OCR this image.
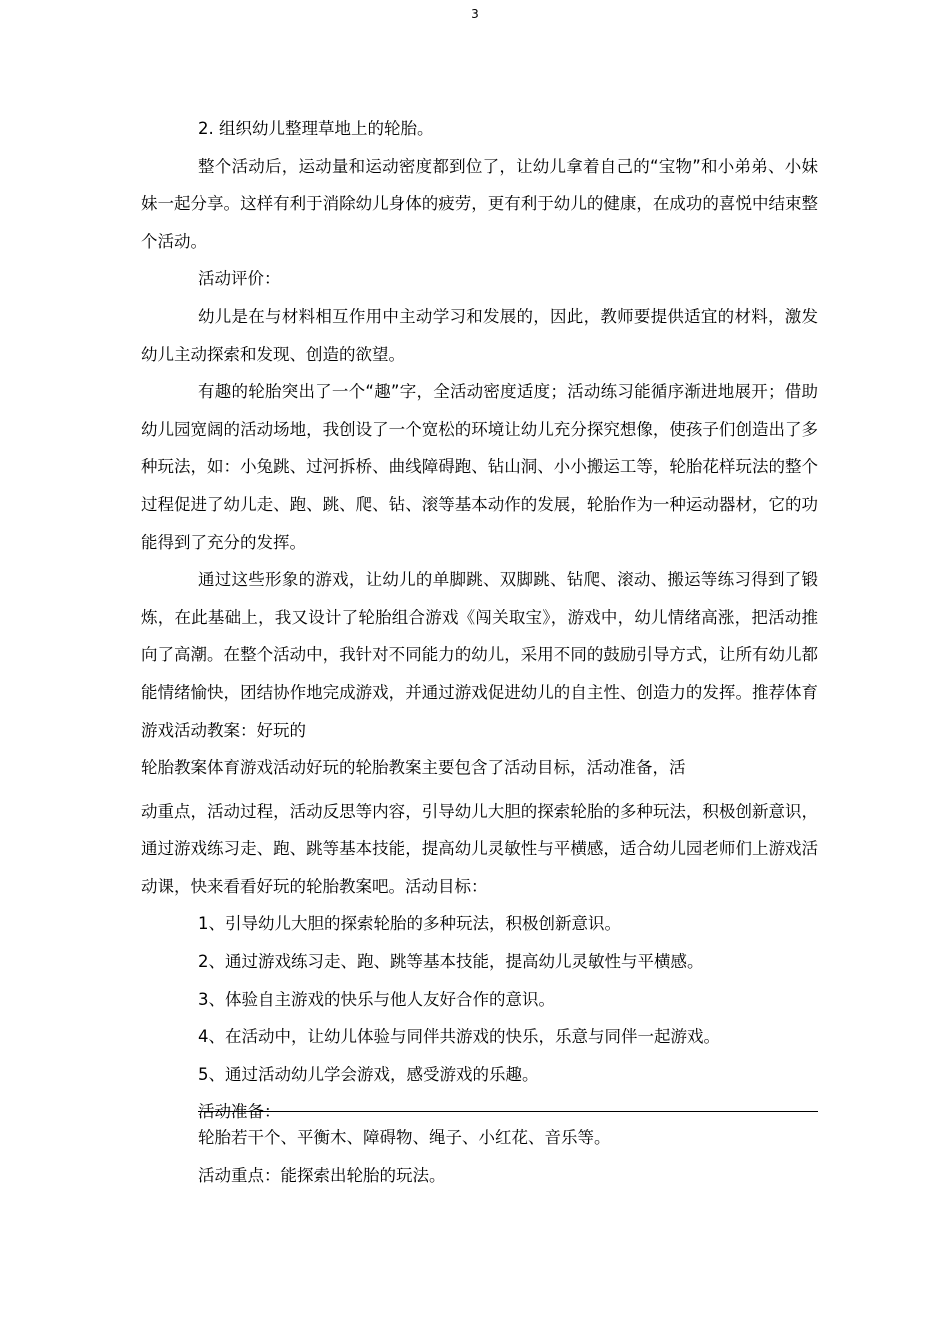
3

2. 组织幼儿整理草地上的轮胎。

整个活动后，运动量和运动密度都到位了，让幼儿拿着自己的“宝物”和小弟弟、小妹妹一起分享。这样有利于消除幼儿身体的疲劳，更有利于幼儿的健康，在成功的喜悦中结束整个活动。

活动评价：

幼儿是在与材料相互作用中主动学习和发展的，因此，教师要提供适宜的材料，激发幼儿主动探索和发现、创造的欲望。

有趣的轮胎突出了一个“趣”字，全活动密度适度；活动练习能循序渐进地展开；借助幼儿园宽阔的活动场地，我创设了一个宽松的环境让幼儿充分探究想像，使孩子们创造出了多种玩法，如：小兔跳、过河拆桥、曲线障碍跑、钻山洞、小小搬运工等，轮胎花样玩法的整个过程促进了幼儿走、跑、跳、爬、钻、滚等基本动作的发展，轮胎作为一种运动器材，它的功能得到了充分的发挥。

通过这些形象的游戏，让幼儿的单脚跳、双脚跳、钻爬、滚动、搬运等练习得到了锻炼，在此基础上，我又设计了轮胎组合游戏《闯关取宝》，游戏中，幼儿情绪高涨，把活动推向了高潮。在整个活动中，我针对不同能力的幼儿，采用不同的鼓励引导方式，让所有幼儿都能情绪愉快，团结协作地完成游戏，并通过游戏促进幼儿的自主性、创造力的发挥。推荐体育游戏活动教案：好玩的

轮胎教案体育游戏活动好玩的轮胎教案主要包含了活动目标，活动准备，活

动重点，活动过程，活动反思等内容，引导幼儿大胆的探索轮胎的多种玩法，积极创新意识，通过游戏练习走、跑、跳等基本技能，提高幼儿灵敏性与平横感，适合幼儿园老师们上游戏活动课，快来看看好玩的轮胎教案吧。活动目标：

1、引导幼儿大胆的探索轮胎的多种玩法，积极创新意识。

2、通过游戏练习走、跑、跳等基本技能，提高幼儿灵敏性与平横感。

3、体验自主游戏的快乐与他人友好合作的意识。

4、在活动中，让幼儿体验与同伴共游戏的快乐，乐意与同伴一起游戏。

5、通过活动幼儿学会游戏，感受游戏的乐趣。

活动准备：

轮胎若干个、平衡木、障碍物、绳子、小红花、音乐等。

活动重点：能探索出轮胎的玩法。
